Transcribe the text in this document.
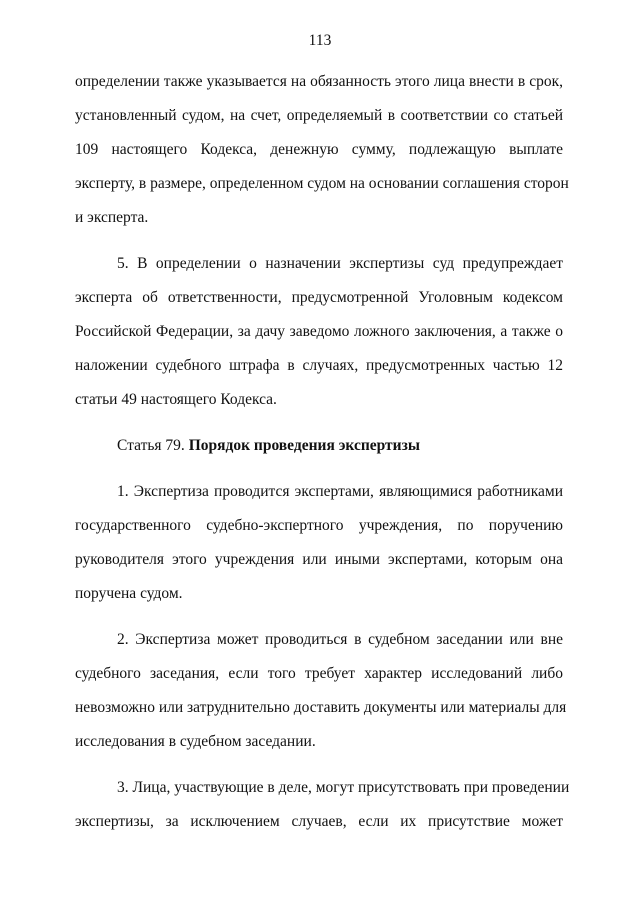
113
определении также указывается на обязанность этого лица внести в срок,
установленный судом, на счет, определяемый в соответствии со статьей
109 настоящего Кодекса, денежную сумму, подлежащую выплате
эксперту, в размере, определенном судом на основании соглашения сторон
и эксперта.
5. В определении о назначении экспертизы суд предупреждает
эксперта об ответственности, предусмотренной Уголовным кодексом
Российской Федерации, за дачу заведомо ложного заключения, а также о
наложении судебного штрафа в случаях, предусмотренных частью 12
статьи 49 настоящего Кодекса.
Статья 79. Порядок проведения экспертизы
1. Экспертиза проводится экспертами, являющимися работниками
государственного судебно-экспертного учреждения, по поручению
руководителя этого учреждения или иными экспертами, которым она
поручена судом.
2. Экспертиза может проводиться в судебном заседании или вне
судебного заседания, если того требует характер исследований либо
невозможно или затруднительно доставить документы или материалы для
исследования в судебном заседании.
3. Лица, участвующие в деле, могут присутствовать при проведении
экспертизы, за исключением случаев, если их присутствие может
